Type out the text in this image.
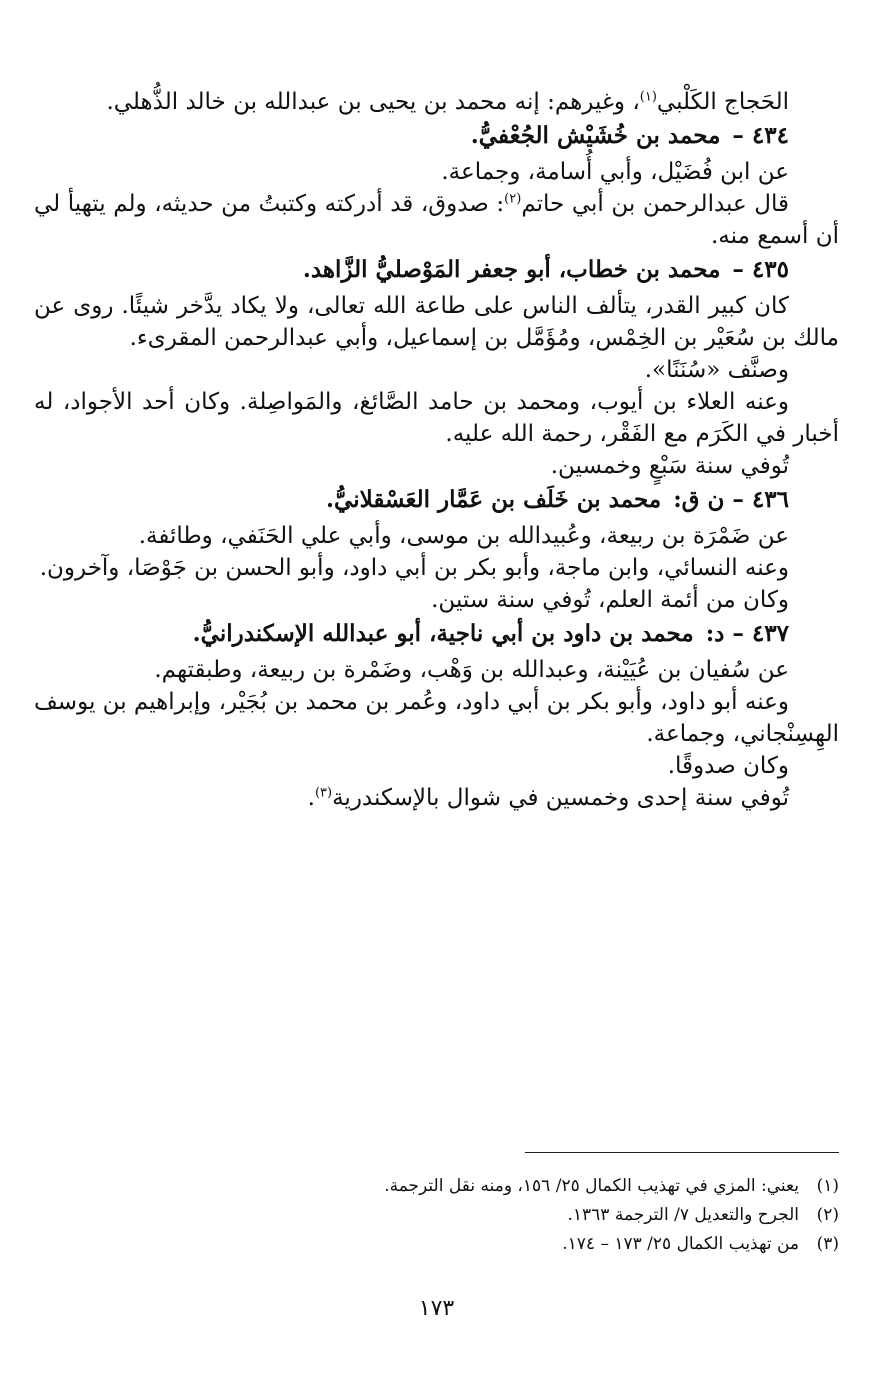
الحَجاج الكَلْبي$^{(١)}$، وغيرهم: إنه محمد بن يحيى بن عبدالله بن خالد الذُّهلي.

٤٣٤ – محمد بن خُشَيْش الجُعْفيُّ.

عن ابن فُضَيْل، وأبي أُسامة، وجماعة.

قال عبدالرحمن بن أبي حاتم$^{(٢)}$: صدوق، قد أدركته وكتبتُ من حديثه، ولم يتهيأ لي أن أسمع منه.

٤٣٥ – محمد بن خطاب، أبو جعفر المَوْصليُّ الزَّاهد.

كان كبير القدر، يتألف الناس على طاعة الله تعالى، ولا يكاد يدَّخر شيئًا. روى عن مالك بن سُعَيْر بن الخِمْس، ومُؤَمَّل بن إسماعيل، وأبي عبدالرحمن المقرىء.

وصنَّف «سُنَنًا».

وعنه العلاء بن أيوب، ومحمد بن حامد الصَّائغ، والمَواصِلة. وكان أحد الأجواد، له أخبار في الكَرَم مع الفَقْر، رحمة الله عليه.

تُوفي سنة سَبْعٍ وخمسين.

٤٣٦ – ن ق: محمد بن خَلَف بن عَمَّار العَسْقلانيُّ.

عن ضَمْرَة بن ربيعة، وعُبيدالله بن موسى، وأبي علي الحَنَفي، وطائفة.

وعنه النسائي، وابن ماجة، وأبو بكر بن أبي داود، وأبو الحسن بن جَوْصَا، وآخرون.

وكان من أئمة العلم، تُوفي سنة ستين.

٤٣٧ – د: محمد بن داود بن أبي ناجية، أبو عبدالله الإسكندرانيُّ.

عن سُفيان بن عُيَيْنة، وعبدالله بن وَهْب، وضَمْرة بن ربيعة، وطبقتهم.

وعنه أبو داود، وأبو بكر بن أبي داود، وعُمر بن محمد بن بُجَيْر، وإبراهيم بن يوسف الهِسِنْجاني، وجماعة.

وكان صدوقًا.

تُوفي سنة إحدى وخمسين في شوال بالإسكندرية$^{(٣)}$.

(١)
يعني: المزي في تهذيب الكمال ٢٥/ ١٥٦، ومنه نقل الترجمة.
(٢)
الجرح والتعديل ٧/ الترجمة ١٣٦٣.
(٣)
من تهذيب الكمال ٢٥/ ١٧٣ – ١٧٤.
١٧٣
